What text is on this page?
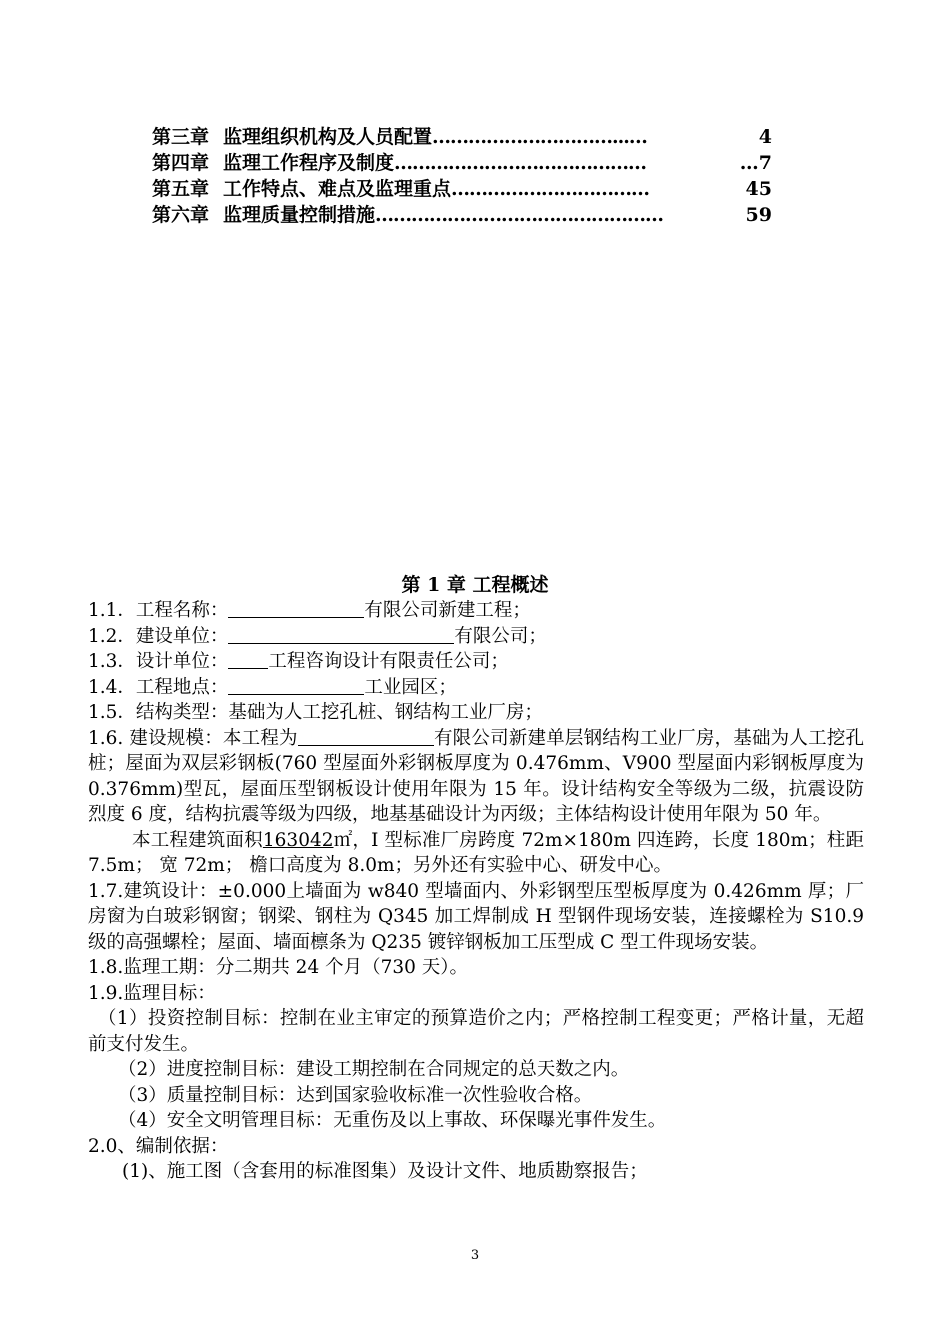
第三章 监理组织机构及人员配置 …………………………...…	4
第四章 监理工作程序及制度 ……………………………………	…7
第五章 工作特点、难点及监理重点 ……………………………	45
第六章 监理质量控制措施 …………………………………………	59
第 1 章 工程概述

1.1．工程名称：	有限公司新建工程；

1.2．建设单位：	有限公司；

1.3．设计单位： 工程咨询设计有限责任公司；

1.4．工程地点：	工业园区；

1.5．结构类型：基础为人工挖孔桩、钢结构工业厂房；

1.6. 建设规模：本工程为	有限公司新建单层钢结构工业厂房，基础为人工挖孔桩；屋面为双层彩钢板(760 型屋面外彩钢板厚度为 0.476mm、V900 型屋面内彩钢板厚度为 0.376mm)型瓦，屋面压型钢板设计使用年限为 15 年。设计结构安全等级为二级，抗震设防烈度 6 度，结构抗震等级为四级，地基基础设计为丙级；主体结构设计使用年限为 50 年。

本工程建筑面积163042㎡，I 型标准厂房跨度 72m×180m 四连跨，长度 180m；柱距 7.5m； 宽 72m； 檐口高度为 8.0m；另外还有实验中心、研发中心。

1.7.建筑设计：±0.000上墙面为 w840 型墙面内、外彩钢型压型板厚度为 0.426mm 厚；厂房窗为白玻彩钢窗；钢梁、钢柱为 Q345 加工焊制成 H 型钢件现场安装，连接螺栓为 S10.9 级的高强螺栓；屋面、墙面檩条为 Q235 镀锌钢板加工压型成 C 型工件现场安装。

1.8.监理工期：分二期共 24 个月（730 天）。

1.9.监理目标：

（1）投资控制目标：控制在业主审定的预算造价之内；严格控制工程变更；严格计量，无超前支付发生。

（2）进度控制目标：建设工期控制在合同规定的总天数之内。

（3）质量控制目标：达到国家验收标准一次性验收合格。

（4）安全文明管理目标：无重伤及以上事故、环保曝光事件发生。

2.0、编制依据：

(1)、施工图（含套用的标准图集）及设计文件、地质勘察报告；

3
